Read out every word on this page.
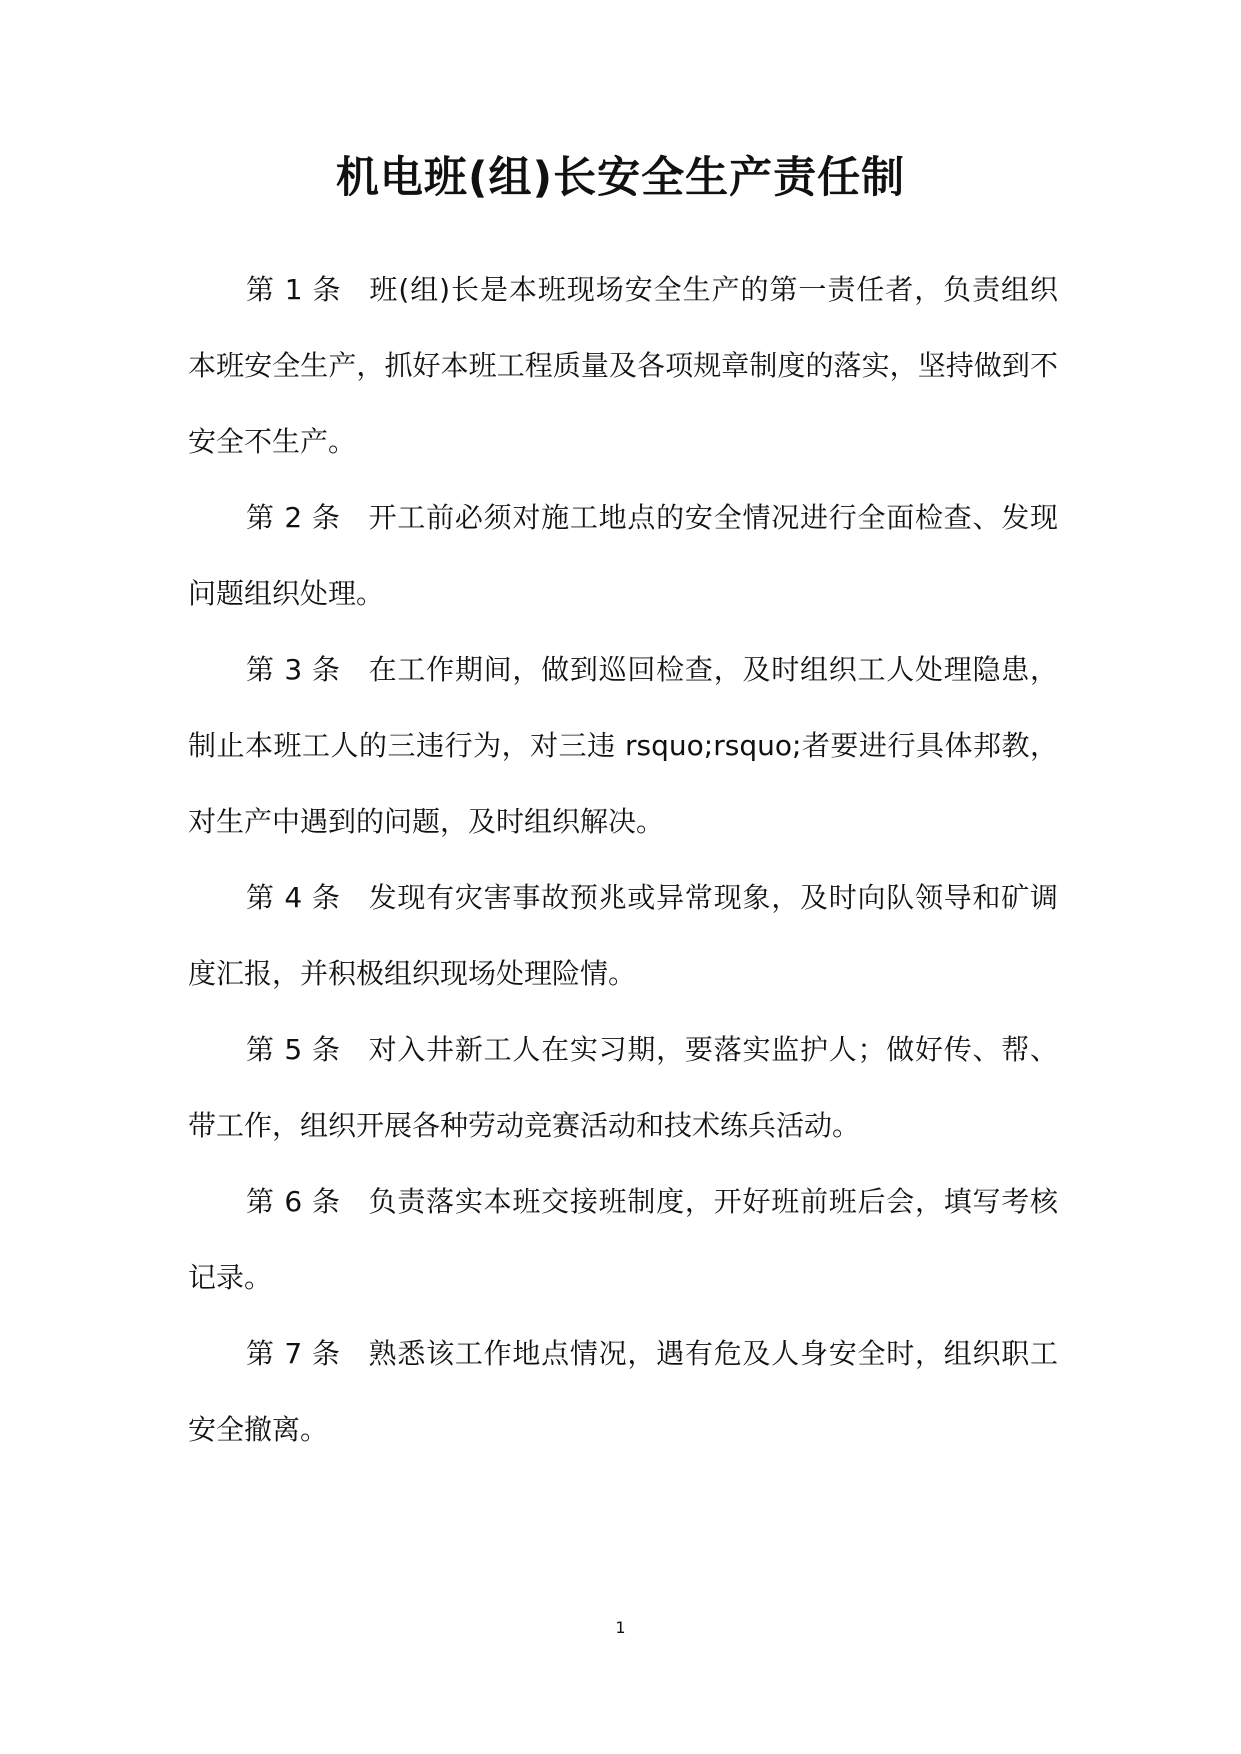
机电班(组)长安全生产责任制

第 1 条 班(组)长是本班现场安全生产的第一责任者，负责组织本班安全生产，抓好本班工程质量及各项规章制度的落实，坚持做到不安全不生产。

第 2 条 开工前必须对施工地点的安全情况进行全面检查、发现问题组织处理。

第 3 条 在工作期间，做到巡回检查，及时组织工人处理隐患，制止本班工人的三违行为，对三违 rsquo;rsquo;者要进行具体邦教，对生产中遇到的问题，及时组织解决。

第 4 条 发现有灾害事故预兆或异常现象，及时向队领导和矿调度汇报，并积极组织现场处理险情。

第 5 条 对入井新工人在实习期，要落实监护人；做好传、帮、带工作，组织开展各种劳动竞赛活动和技术练兵活动。

第 6 条 负责落实本班交接班制度，开好班前班后会，填写考核记录。

第 7 条 熟悉该工作地点情况，遇有危及人身安全时，组织职工安全撤离。

1
